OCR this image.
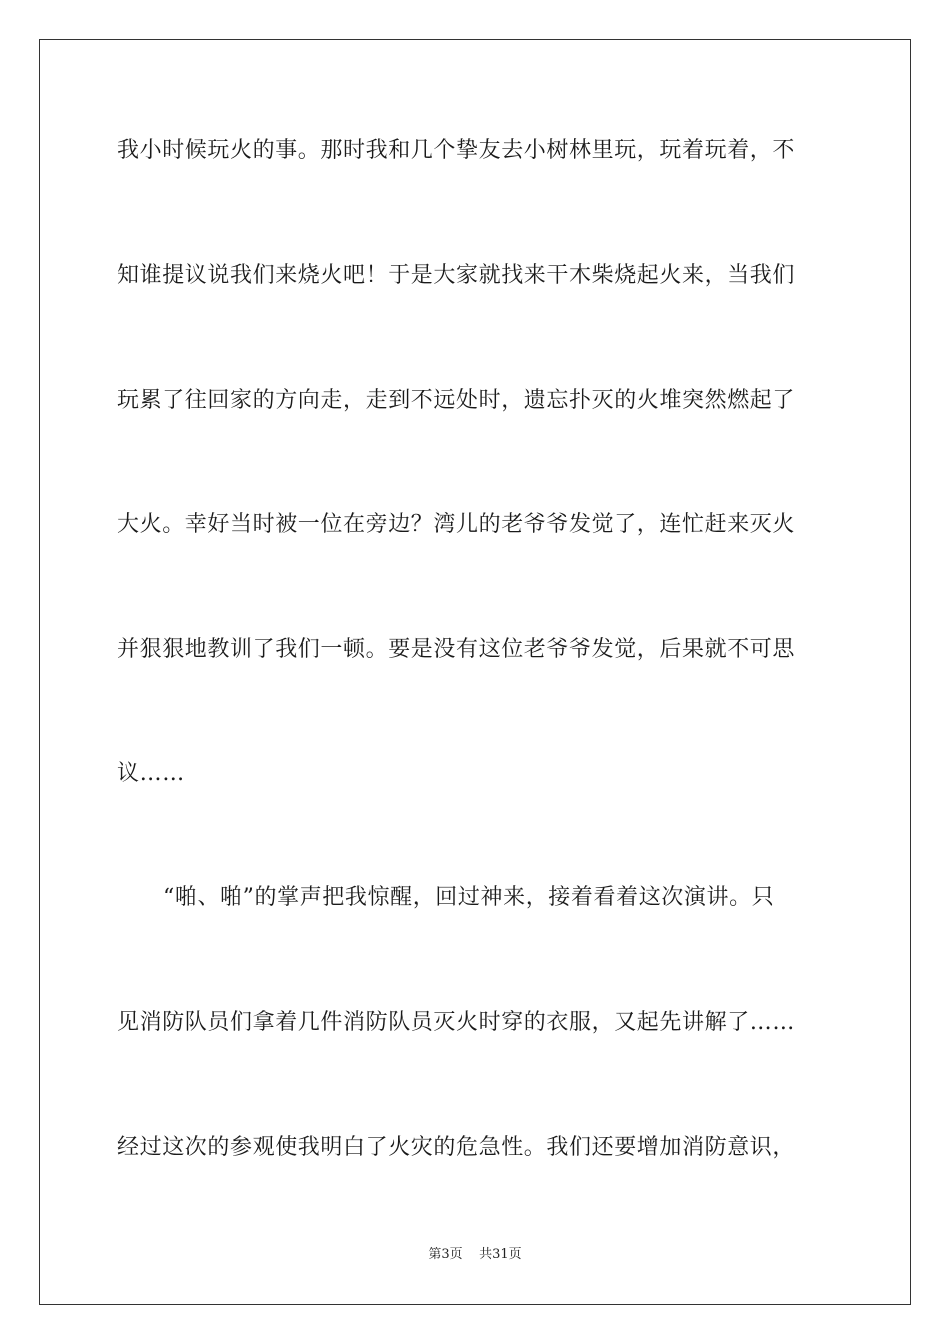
我小时候玩火的事。那时我和几个挚友去小树林里玩，玩着玩着，不
知谁提议说我们来烧火吧！于是大家就找来干木柴烧起火来，当我们
玩累了往回家的方向走，走到不远处时，遗忘扑灭的火堆突然燃起了
大火。幸好当时被一位在旁边？湾儿的老爷爷发觉了，连忙赶来灭火
并狠狠地教训了我们一顿。要是没有这位老爷爷发觉，后果就不可思
议……
“啪、啪”的掌声把我惊醒，回过神来，接着看着这次演讲。只
见消防队员们拿着几件消防队员灭火时穿的衣服，又起先讲解了……
经过这次的参观使我明白了火灾的危急性。我们还要增加消防意识，
第3页 共31页
